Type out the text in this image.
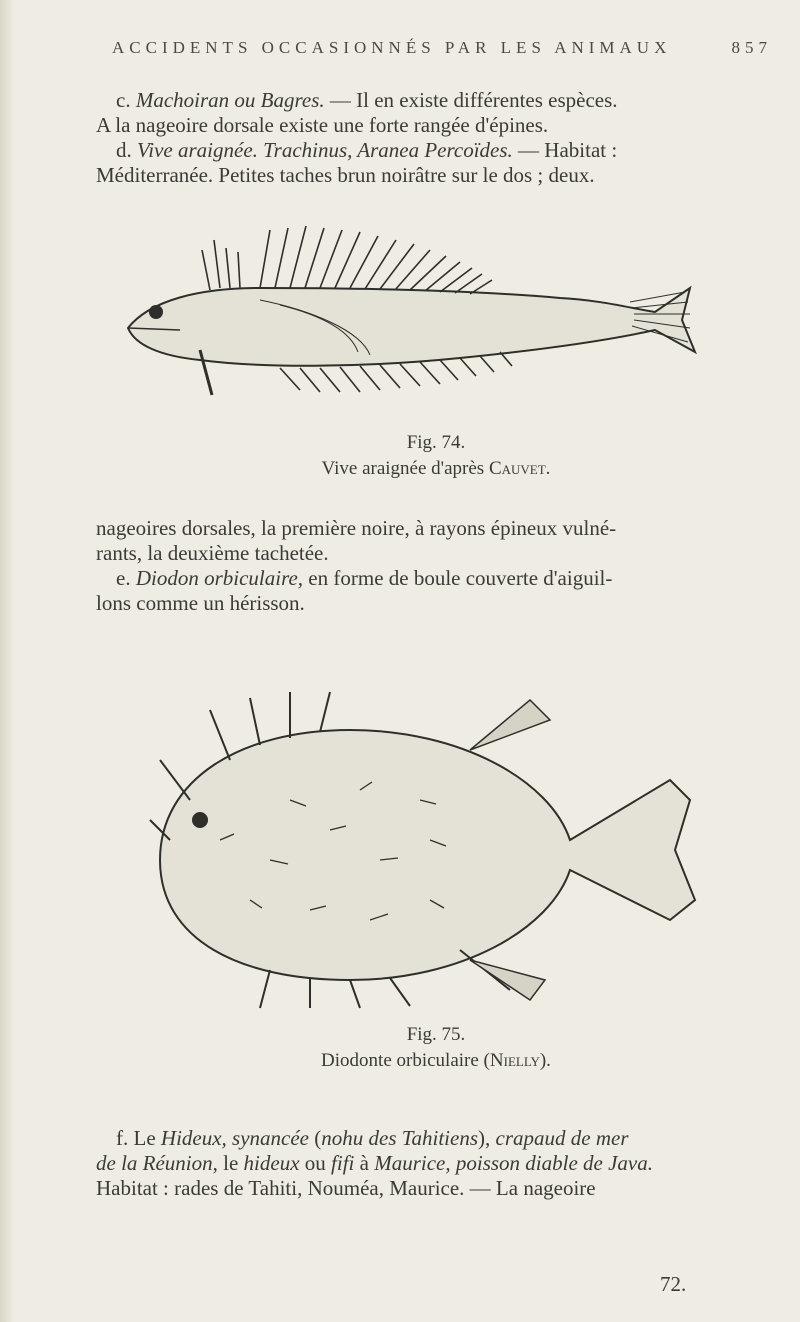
ACCIDENTS OCCASIONNÉS PAR LES ANIMAUX	857

c. Machoiran ou Bagres. — Il en existe différentes espèces.

A la nageoire dorsale existe une forte rangée d'épines.

d. Vive araignée. Trachinus, Aranea Percoïdes. — Habitat :

Méditerranée. Petites taches brun noirâtre sur le dos ; deux.

Fig. 74.
Vive araignée d'après Cauvet.

nageoires dorsales, la première noire, à rayons épineux vulné-

rants, la deuxième tachetée.

e. Diodon orbiculaire, en forme de boule couverte d'aiguil-

lons comme un hérisson.

Fig. 75.
Diodonte orbiculaire (Nielly).

f. Le Hideux, synancée (nohu des Tahitiens), crapaud de mer

de la Réunion, le hideux ou fifi à Maurice, poisson diable de Java.

Habitat : rades de Tahiti, Nouméa, Maurice. — La nageoire

72.
